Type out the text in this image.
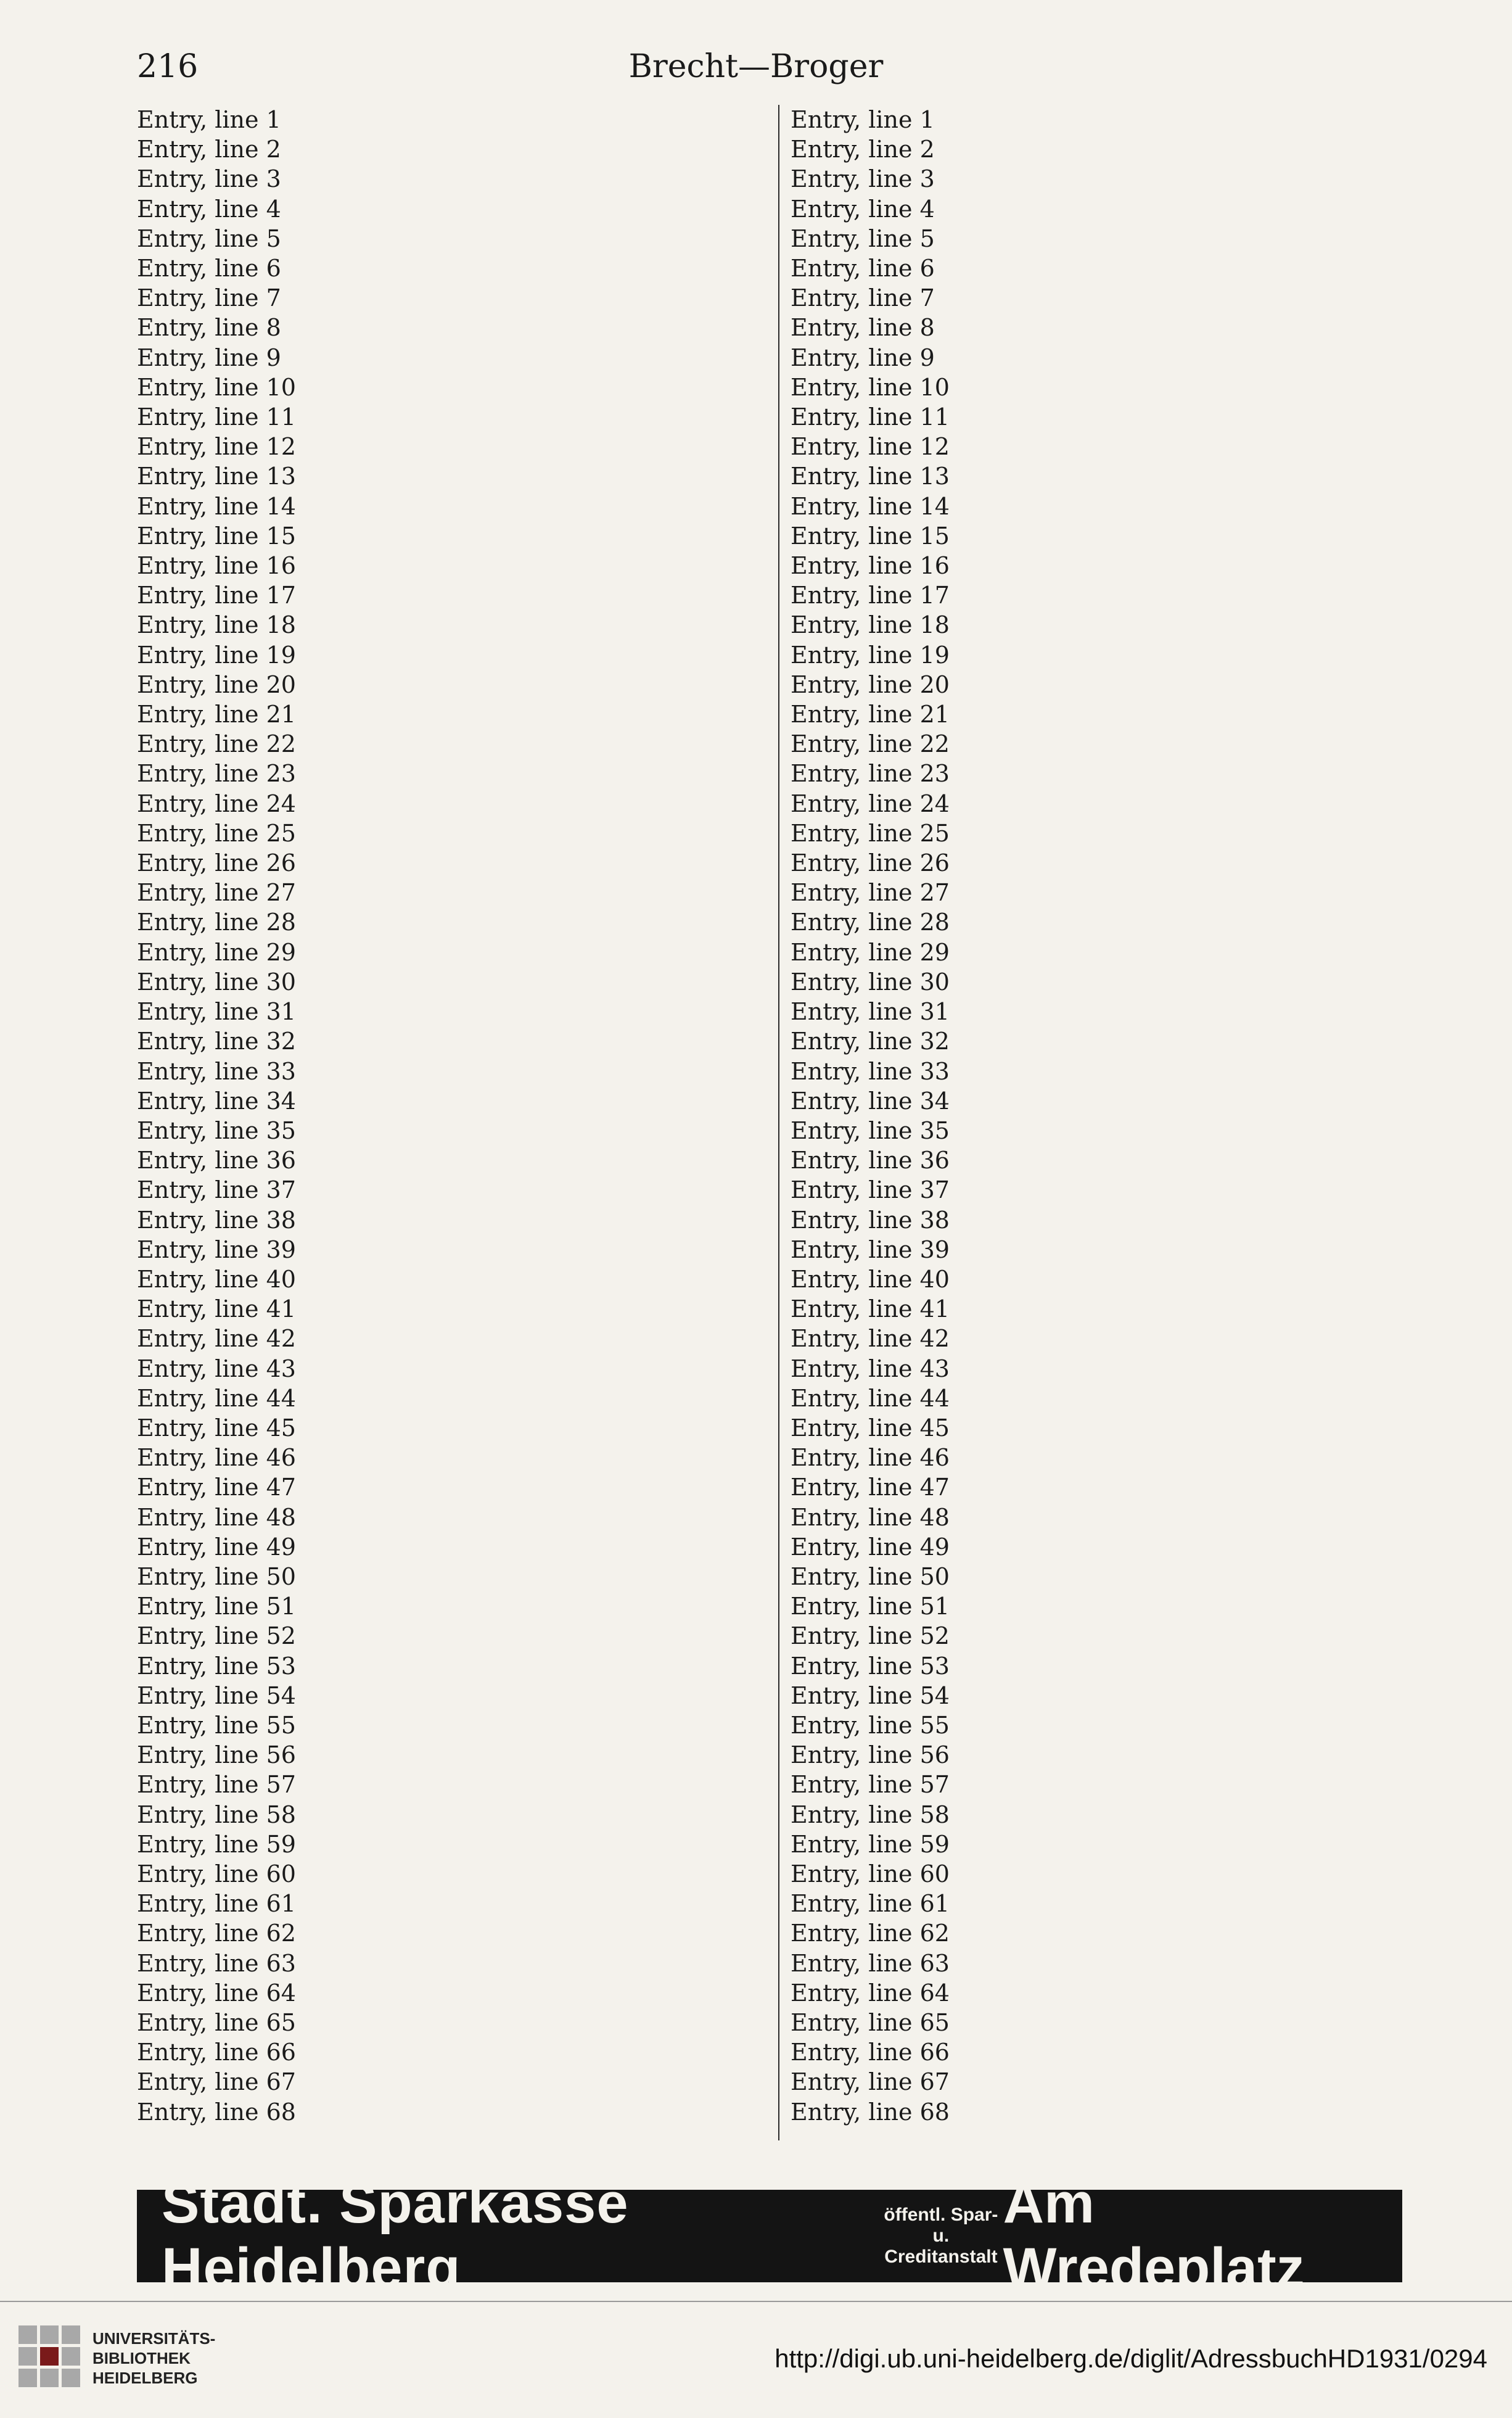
216	Brecht—Broger
Entry, line 1
Entry, line 2
Entry, line 3
Entry, line 4
Entry, line 5
Entry, line 6
Entry, line 7
Entry, line 8
Entry, line 9
Entry, line 10
Entry, line 11
Entry, line 12
Entry, line 13
Entry, line 14
Entry, line 15
Entry, line 16
Entry, line 17
Entry, line 18
Entry, line 19
Entry, line 20
Entry, line 21
Entry, line 22
Entry, line 23
Entry, line 24
Entry, line 25
Entry, line 26
Entry, line 27
Entry, line 28
Entry, line 29
Entry, line 30
Entry, line 31
Entry, line 32
Entry, line 33
Entry, line 34
Entry, line 35
Entry, line 36
Entry, line 37
Entry, line 38
Entry, line 39
Entry, line 40
Entry, line 41
Entry, line 42
Entry, line 43
Entry, line 44
Entry, line 45
Entry, line 46
Entry, line 47
Entry, line 48
Entry, line 49
Entry, line 50
Entry, line 51
Entry, line 52
Entry, line 53
Entry, line 54
Entry, line 55
Entry, line 56
Entry, line 57
Entry, line 58
Entry, line 59
Entry, line 60
Entry, line 61
Entry, line 62
Entry, line 63
Entry, line 64
Entry, line 65
Entry, line 66
Entry, line 67
Entry, line 68
Entry, line 1
Entry, line 2
Entry, line 3
Entry, line 4
Entry, line 5
Entry, line 6
Entry, line 7
Entry, line 8
Entry, line 9
Entry, line 10
Entry, line 11
Entry, line 12
Entry, line 13
Entry, line 14
Entry, line 15
Entry, line 16
Entry, line 17
Entry, line 18
Entry, line 19
Entry, line 20
Entry, line 21
Entry, line 22
Entry, line 23
Entry, line 24
Entry, line 25
Entry, line 26
Entry, line 27
Entry, line 28
Entry, line 29
Entry, line 30
Entry, line 31
Entry, line 32
Entry, line 33
Entry, line 34
Entry, line 35
Entry, line 36
Entry, line 37
Entry, line 38
Entry, line 39
Entry, line 40
Entry, line 41
Entry, line 42
Entry, line 43
Entry, line 44
Entry, line 45
Entry, line 46
Entry, line 47
Entry, line 48
Entry, line 49
Entry, line 50
Entry, line 51
Entry, line 52
Entry, line 53
Entry, line 54
Entry, line 55
Entry, line 56
Entry, line 57
Entry, line 58
Entry, line 59
Entry, line 60
Entry, line 61
Entry, line 62
Entry, line 63
Entry, line 64
Entry, line 65
Entry, line 66
Entry, line 67
Entry, line 68
Städt. Sparkasse Heidelberg
öffentl. Spar- u.
Creditanstalt
Am Wredeplatz
UNIVERSITÄTS-
BIBLIOTHEK
HEIDELBERG
http://digi.ub.uni-heidelberg.de/diglit/AdressbuchHD1931/0294
